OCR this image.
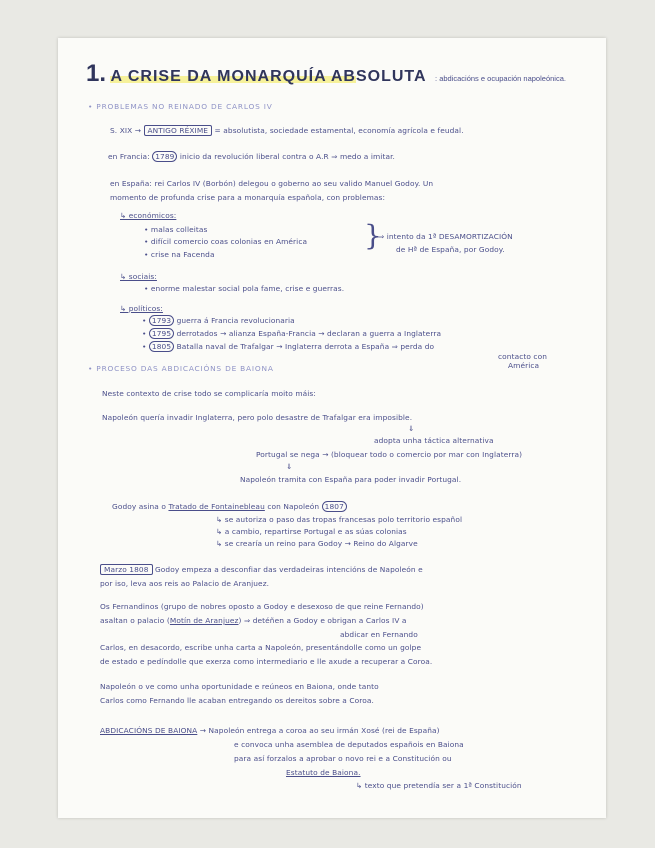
1. A CRISE DA MONARQUÍA ABSOLUTA : abdicacións e ocupación napoleónica.
• PROBLEMAS NO REINADO DE CARLOS IV
S. XIX → ANTIGO RÉXIME = absolutista, sociedade estamental, economía agrícola e feudal.
en Francia: 1789 inicio da revolución liberal contra o A.R ⇒ medo a imitar.
en España: rei Carlos IV (Borbón) delegou o goberno ao seu valido Manuel Godoy. Un
momento de profunda crise para a monarquía española, con problemas:
↳ económicos:
• malas colleitas
• difícil comercio coas colonias en América
• crise na Facenda
}
⇒ intento da 1ª DESAMORTIZACIÓN
de Hª de España, por Godoy.
↳ sociais:
• enorme malestar social pola fame, crise e guerras.
↳ políticos:
• 1793 guerra á Francia revolucionaria
• 1795 derrotados → alianza España-Francia → declaran a guerra a Inglaterra
• 1805 Batalla naval de Trafalgar → Inglaterra derrota a España ⇒ perda do
contacto con
América
• PROCESO DAS ABDICACIÓNS DE BAIONA
Neste contexto de crise todo se complicaría moito máis:
Napoleón quería invadir Inglaterra, pero polo desastre de Trafalgar era imposible.
⇓
adopta unha táctica alternativa
Portugal se nega → (bloquear todo o comercio por mar con Inglaterra)
⇓
Napoleón tramita con España para poder invadir Portugal.
Godoy asina o Tratado de Fontainebleau con Napoleón 1807
↳ se autoriza o paso das tropas francesas polo territorio español
↳ a cambio, repartirse Portugal e as súas colonias
↳ se crearía un reino para Godoy → Reino do Algarve
Marzo 1808 Godoy empeza a desconfiar das verdadeiras intencións de Napoleón e
por iso, leva aos reis ao Palacio de Aranjuez.
Os Fernandinos (grupo de nobres oposto a Godoy e desexoso de que reine Fernando)
asaltan o palacio (Motín de Aranjuez) ⇒ detéñen a Godoy e obrigan a Carlos IV a
abdicar en Fernando
Carlos, en desacordo, escribe unha carta a Napoleón, presentándolle como un golpe
de estado e pedíndolle que exerza como intermediario e lle axude a recuperar a Coroa.
Napoleón o ve como unha oportunidade e reúneos en Baiona, onde tanto
Carlos como Fernando lle acaban entregando os dereitos sobre a Coroa.
ABDICACIÓNS DE BAIONA → Napoleón entrega a coroa ao seu irmán Xosé (rei de España)
e convoca unha asemblea de deputados españois en Baiona
para así forzalos a aprobar o novo rei e a Constitución ou
Estatuto de Baiona.
↳ texto que pretendía ser a 1ª Constitución
